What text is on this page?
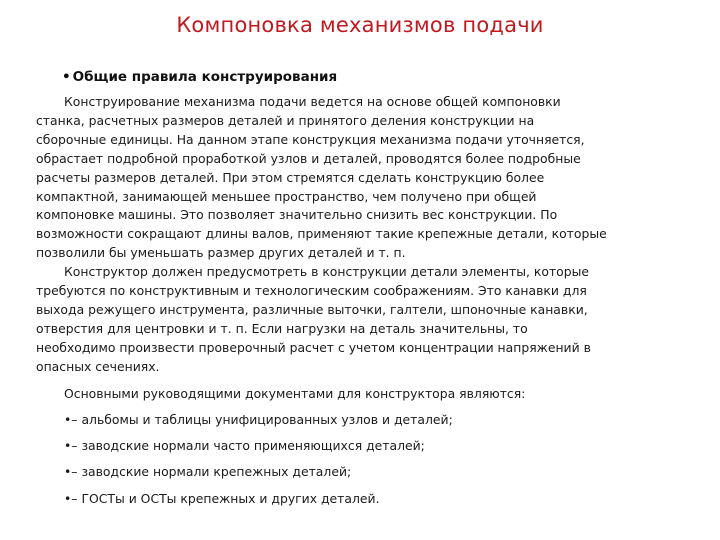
Компоновка механизмов подачи
• Общие правила конструирования

Конструирование механизма подачи ведется на основе общей компоновки
станка, расчетных размеров деталей и принятого деления конструкции на
сборочные единицы. На данном этапе конструкция механизма подачи уточняется,
обрастает подробной проработкой узлов и деталей, проводятся более подробные
расчеты размеров деталей. При этом стремятся сделать конструкцию более
компактной, занимающей меньшее пространство, чем получено при общей
компоновке машины. Это позволяет значительно снизить вес конструкции. По
возможности сокращают длины валов, применяют такие крепежные детали, которые
позволили бы уменьшать размер других деталей и т. п.

Конструктор должен предусмотреть в конструкции детали элементы, которые
требуются по конструктивным и технологическим соображениям. Это канавки для
выхода режущего инструмента, различные выточки, галтели, шпоночные канавки,
отверстия для центровки и т. п. Если нагрузки на деталь значительны, то
необходимо произвести проверочный расчет с учетом концентрации напряжений в
опасных сечениях.

Основными руководящими документами для конструктора являются:

•– альбомы и таблицы унифицированных узлов и деталей;
•– заводские нормали часто применяющихся деталей;
•– заводские нормали крепежных деталей;
•– ГОСТы и ОСТы крепежных и других деталей.
